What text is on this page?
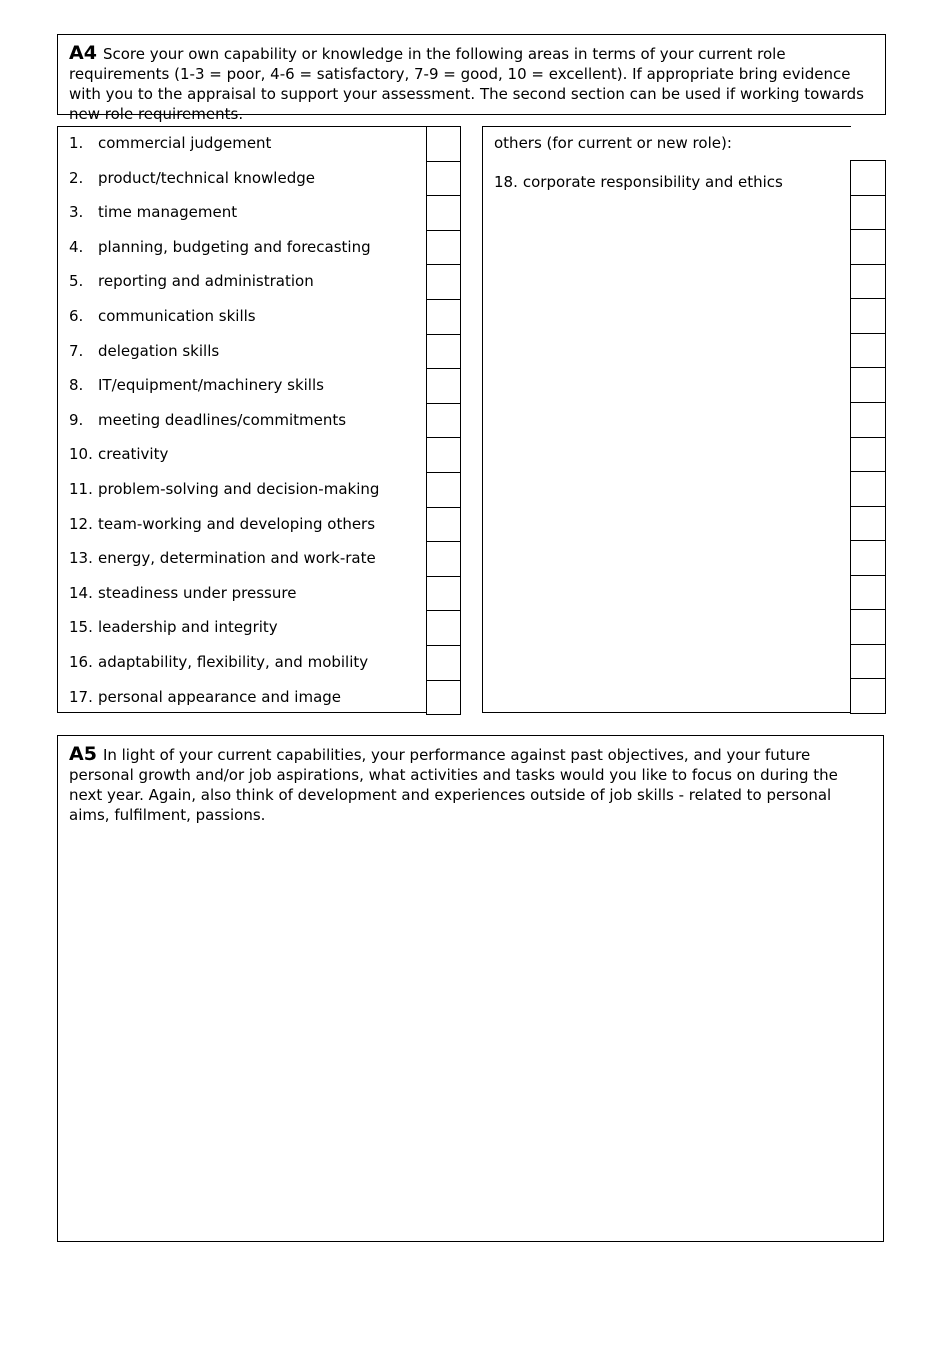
A4 Score your own capability or knowledge in the following areas in terms of your current role requirements (1-3 = poor, 4-6 = satisfactory, 7-9 = good, 10 = excellent). If appropriate bring evidence with you to the appraisal to support your assessment. The second section can be used if working towards new role requirements.

1. commercial judgement
2. product/technical knowledge
3. time management
4. planning, budgeting and forecasting
5. reporting and administration
6. communication skills
7. delegation skills
8. IT/equipment/machinery skills
9. meeting deadlines/commitments
10. creativity
11. problem-solving and decision-making
12. team-working and developing others
13. energy, determination and work-rate
14. steadiness under pressure
15. leadership and integrity
16. adaptability, flexibility, and mobility
17. personal appearance and image
others (for current or new role):
18. corporate responsibility and ethics

A5 In light of your current capabilities, your performance against past objectives, and your future personal growth and/or job aspirations, what activities and tasks would you like to focus on during the next year. Again, also think of development and experiences outside of job skills - related to personal aims, fulfilment, passions.
